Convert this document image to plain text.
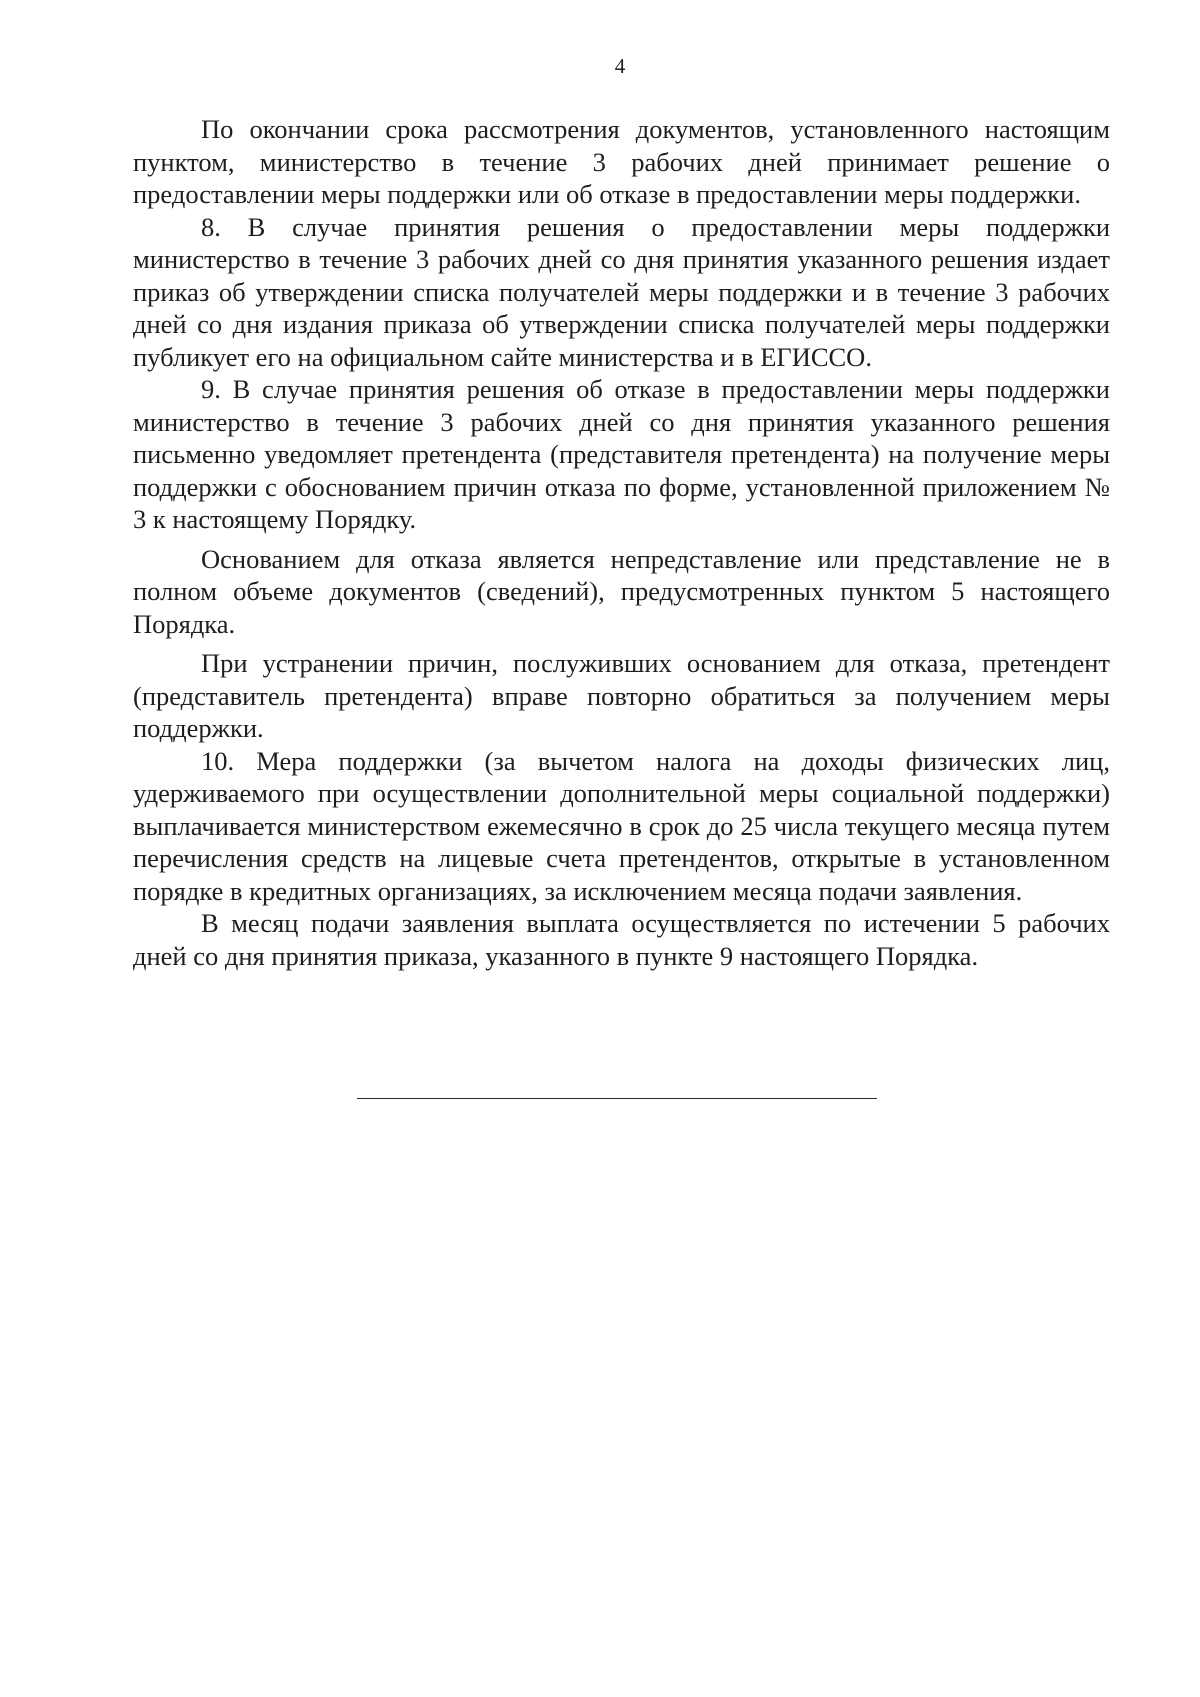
4

По окончании срока рассмотрения документов, установленного настоящим пунктом, министерство в течение 3 рабочих дней принимает решение о предоставлении меры поддержки или об отказе в предоставлении меры поддержки.

8. В случае принятия решения о предоставлении меры поддержки министерство в течение 3 рабочих дней со дня принятия указанного решения издает приказ об утверждении списка получателей меры поддержки и в течение 3 рабочих дней со дня издания приказа об утверждении списка получателей меры поддержки публикует его на официальном сайте министерства и в ЕГИССО.

9. В случае принятия решения об отказе в предоставлении меры поддержки министерство в течение 3 рабочих дней со дня принятия указанного решения письменно уведомляет претендента (представителя претендента) на получение меры поддержки с обоснованием причин отказа по форме, установленной приложением № 3 к настоящему Порядку.

Основанием для отказа является непредставление или представление не в полном объеме документов (сведений), предусмотренных пунктом 5 настоящего Порядка.

При устранении причин, послуживших основанием для отказа, претендент (представитель претендента) вправе повторно обратиться за получением меры поддержки.

10. Мера поддержки (за вычетом налога на доходы физических лиц, удерживаемого при осуществлении дополнительной меры социальной поддержки) выплачивается министерством ежемесячно в срок до 25 числа текущего месяца путем перечисления средств на лицевые счета претендентов, открытые в установленном порядке в кредитных организациях, за исключением месяца подачи заявления.

В месяц подачи заявления выплата осуществляется по истечении 5 рабочих дней со дня принятия приказа, указанного в пункте 9 настоящего Порядка.
